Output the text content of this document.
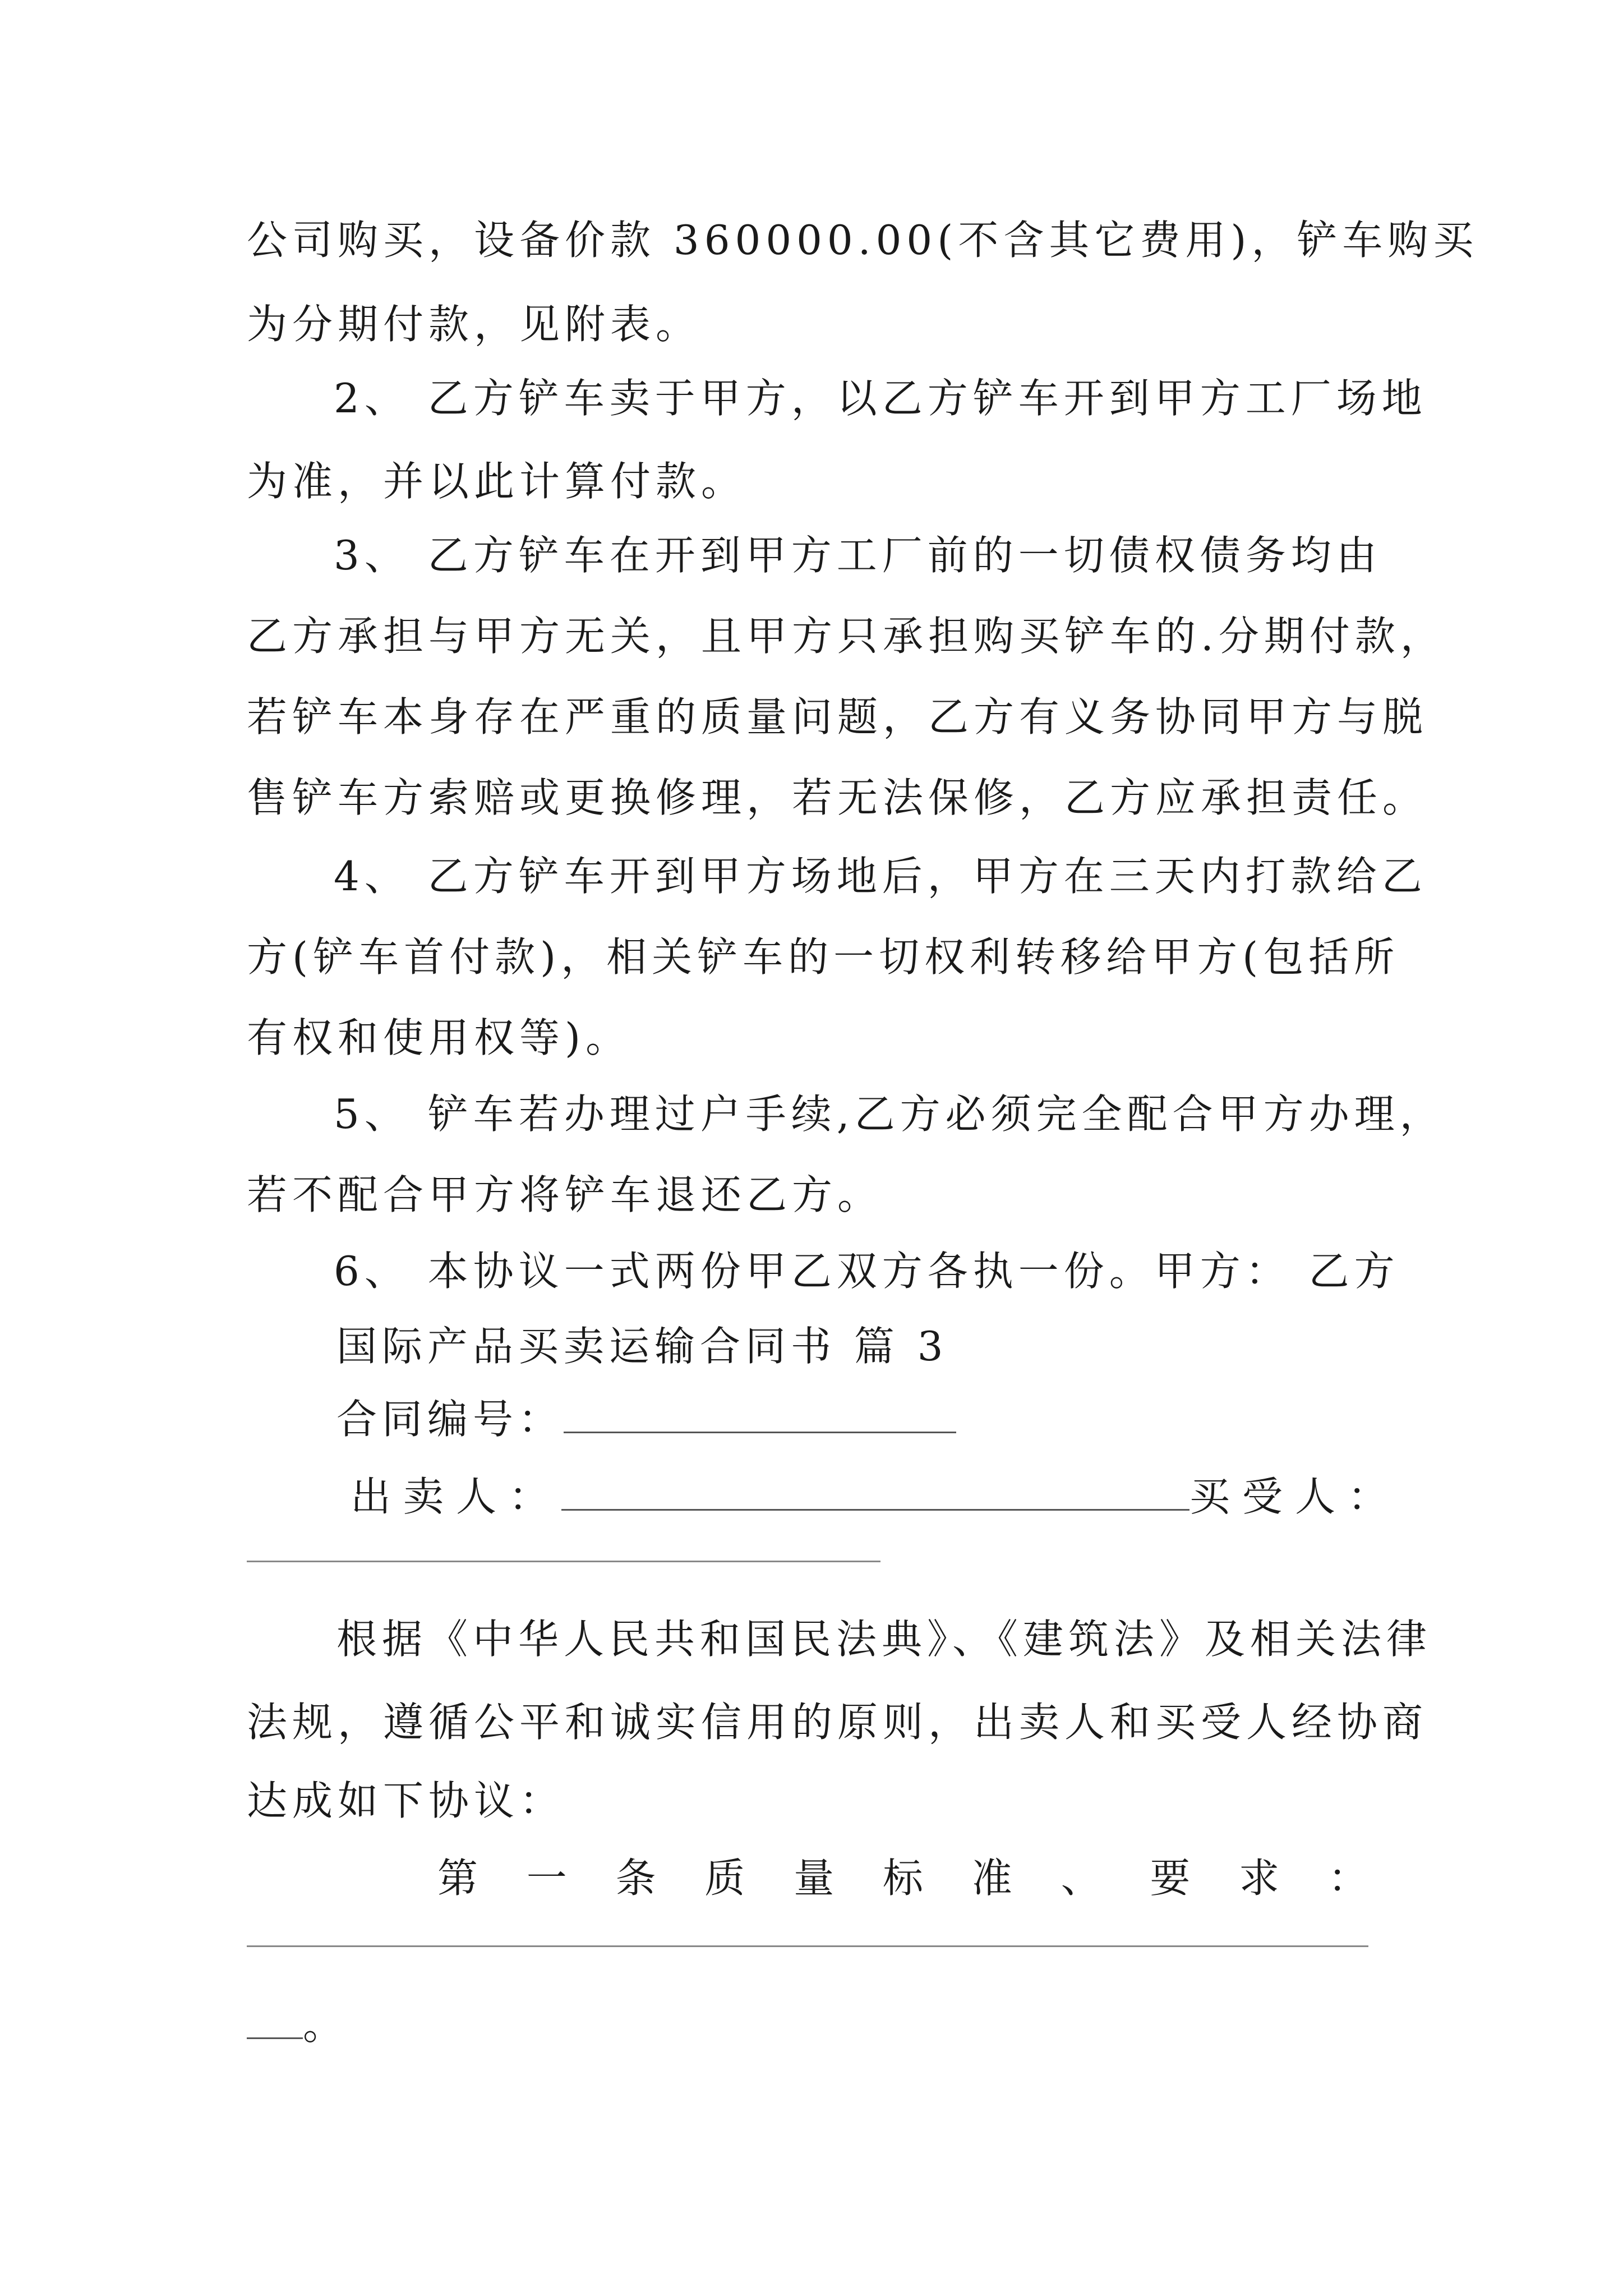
公司购买，设备价款 360000.00(不含其它费用)，铲车购买
为分期付款，见附表。
2、 乙方铲车卖于甲方，以乙方铲车开到甲方工厂场地
为准，并以此计算付款。
3、 乙方铲车在开到甲方工厂前的一切债权债务均由
乙方承担与甲方无关，且甲方只承担购买铲车的.分期付款，
若铲车本身存在严重的质量问题，乙方有义务协同甲方与脱
售铲车方索赔或更换修理，若无法保修，乙方应承担责任。
4、 乙方铲车开到甲方场地后，甲方在三天内打款给乙
方(铲车首付款)，相关铲车的一切权利转移给甲方(包括所
有权和使用权等)。
5、 铲车若办理过户手续,乙方必须完全配合甲方办理，
若不配合甲方将铲车退还乙方。
6、 本协议一式两份甲乙双方各执一份。甲方： 乙方
国际产品买卖运输合同书 篇 3
合同编号：
出卖人：	买受人：
根据《中华人民共和国民法典》、《建筑法》及相关法律
法规，遵循公平和诚实信用的原则，出卖人和买受人经协商
达成如下协议：
第 一 条 质 量 标 准 、 要 求 ：
。
